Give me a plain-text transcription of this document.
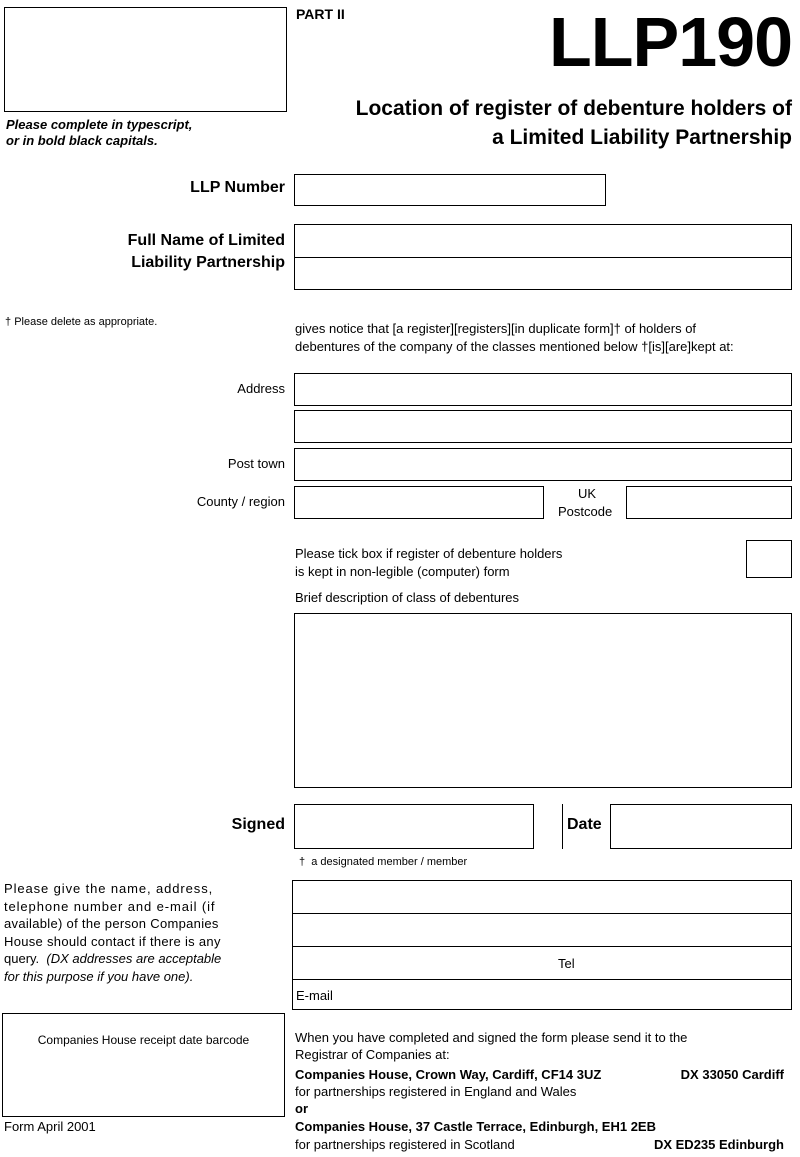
Please complete in typescript,
or in bold black capitals.
PART II	LLP190
Location of register of debenture holders of
a Limited Liability Partnership
LLP Number
Full Name of Limited
Liability Partnership
† Please delete as appropriate.	gives notice that [a register][registers][in duplicate form]† of holders of
debentures of the company of the classes mentioned below †[is][are]kept at:
Address
Post town
County / region
UK
Postcode
Please tick box if register of debenture holders
is kept in non-legible (computer) form
Brief description of class of debentures
Signed	Date
† a designated member / member
Please give the name, address,
telephone number and e-mail (if
available) of the person Companies
House should contact if there is any
query. (DX addresses are acceptable
for this purpose if you have one).
Tel
E-mail
Companies House receipt date barcode
Form April 2001
When you have completed and signed the form please send it to the
Registrar of Companies at:
Companies House, Crown Way, Cardiff, CF14 3UZ	DX 33050 Cardiff
for partnerships registered in England and Wales
or
Companies House, 37 Castle Terrace, Edinburgh, EH1 2EB
for partnerships registered in Scotland	DX ED235 Edinburgh
